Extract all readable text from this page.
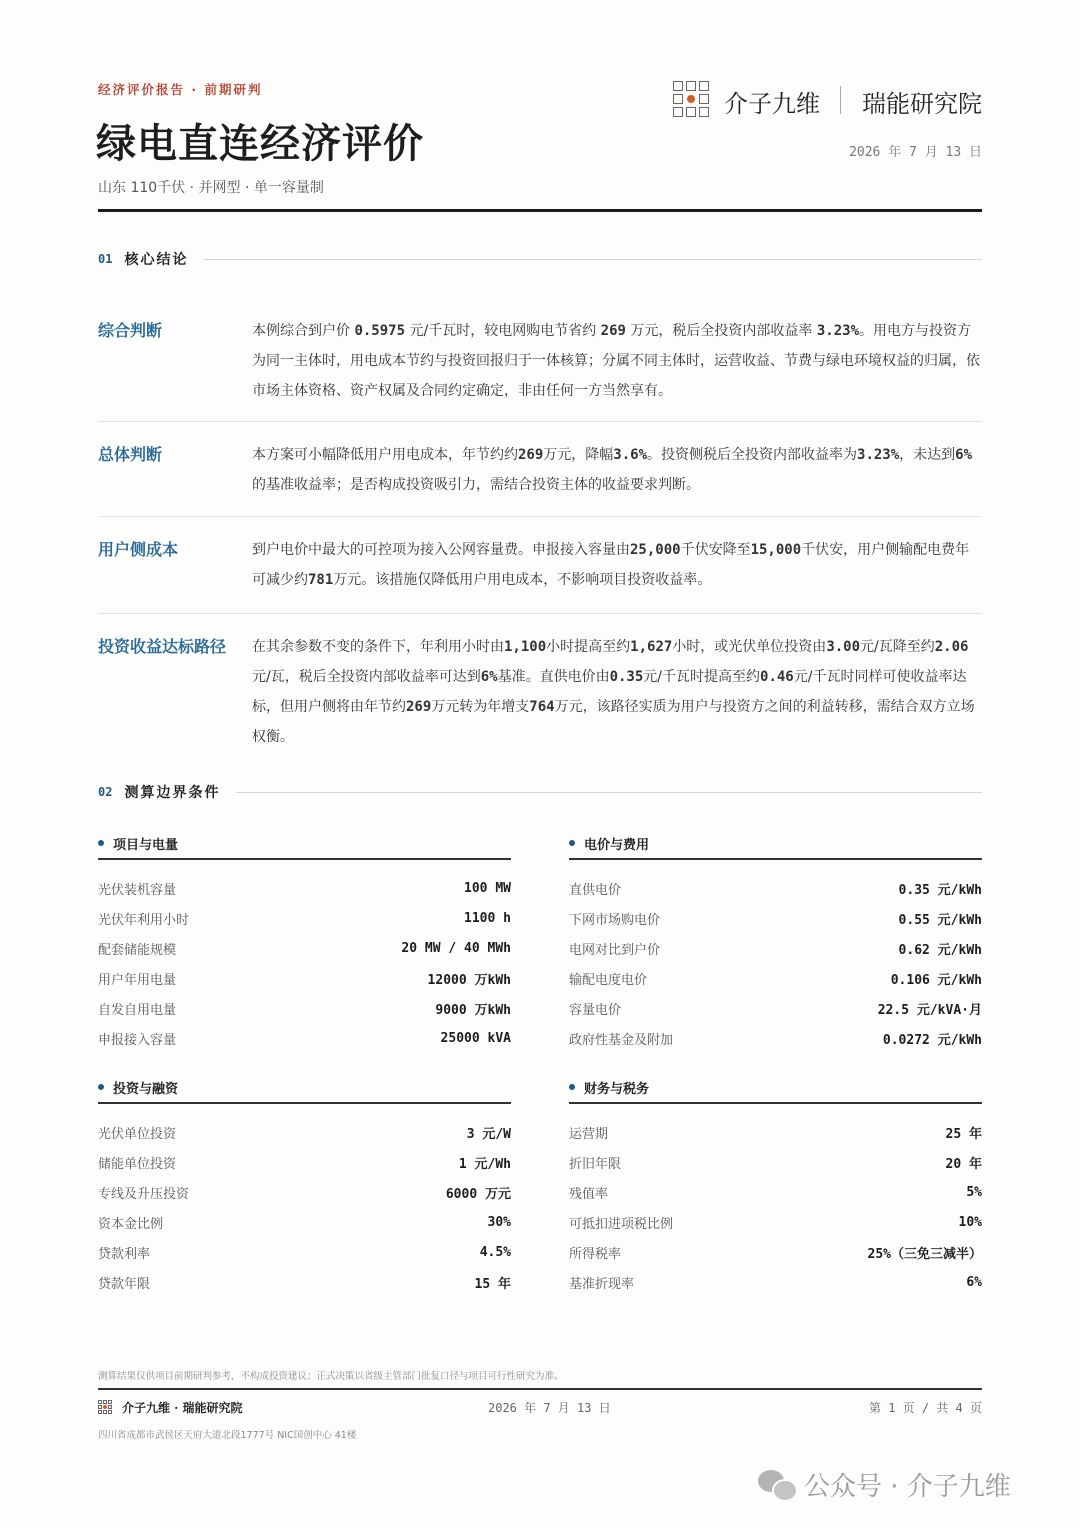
经济评价报告 · 前期研判
绿电直连经济评价
山东 110千伏 · 并网型 · 单一容量制
介子九维 瑞能研究院
2026 年 7 月 13 日
01 核心结论
综合判断	本例综合到户价 0.5975 元/千瓦时，较电网购电节省约 269 万元，税后全投资内部收益率 3.23%。用电方与投资方为同一主体时，用电成本节约与投资回报归于一体核算；分属不同主体时，运营收益、节费与绿电环境权益的归属，依市场主体资格、资产权属及合同约定确定，非由任何一方当然享有。
总体判断	本方案可小幅降低用户用电成本，年节约约269万元，降幅3.6%。投资侧税后全投资内部收益率为3.23%，未达到6%的基准收益率；是否构成投资吸引力，需结合投资主体的收益要求判断。
用户侧成本	到户电价中最大的可控项为接入公网容量费。申报接入容量由25,000千伏安降至15,000千伏安，用户侧输配电费年可减少约781万元。该措施仅降低用户用电成本，不影响项目投资收益率。
投资收益达标路径	在其余参数不变的条件下，年利用小时由1,100小时提高至约1,627小时，或光伏单位投资由3.00元/瓦降至约2.06元/瓦，税后全投资内部收益率可达到6%基准。直供电价由0.35元/千瓦时提高至约0.46元/千瓦时同样可使收益率达标，但用户侧将由年节约269万元转为年增支764万元，该路径实质为用户与投资方之间的利益转移，需结合双方立场权衡。
02 测算边界条件
项目与电量
光伏装机容量	100 MW
光伏年利用小时	1100 h
配套储能规模	20 MW / 40 MWh
用户年用电量	12000 万kWh
自发自用电量	9000 万kWh
申报接入容量	25000 kVA
电价与费用
直供电价	0.35 元/kWh
下网市场购电价	0.55 元/kWh
电网对比到户价	0.62 元/kWh
输配电度电价	0.106 元/kWh
容量电价	22.5 元/kVA·月
政府性基金及附加	0.0272 元/kWh
投资与融资
光伏单位投资	3 元/W
储能单位投资	1 元/Wh
专线及升压投资	6000 万元
资本金比例	30%
贷款利率	4.5%
贷款年限	15 年
财务与税务
运营期	25 年
折旧年限	20 年
残值率	5%
可抵扣进项税比例	10%
所得税率	25%（三免三减半）
基准折现率	6%
测算结果仅供项目前期研判参考，不构成投资建议；正式决策以省级主管部门批复口径与项目可行性研究为准。
介子九维 · 瑞能研究院	2026 年 7 月 13 日	第 1 页 / 共 4 页
四川省成都市武侯区天府大道北段1777号 NIC国创中心 41楼
公众号 · 介子九维
